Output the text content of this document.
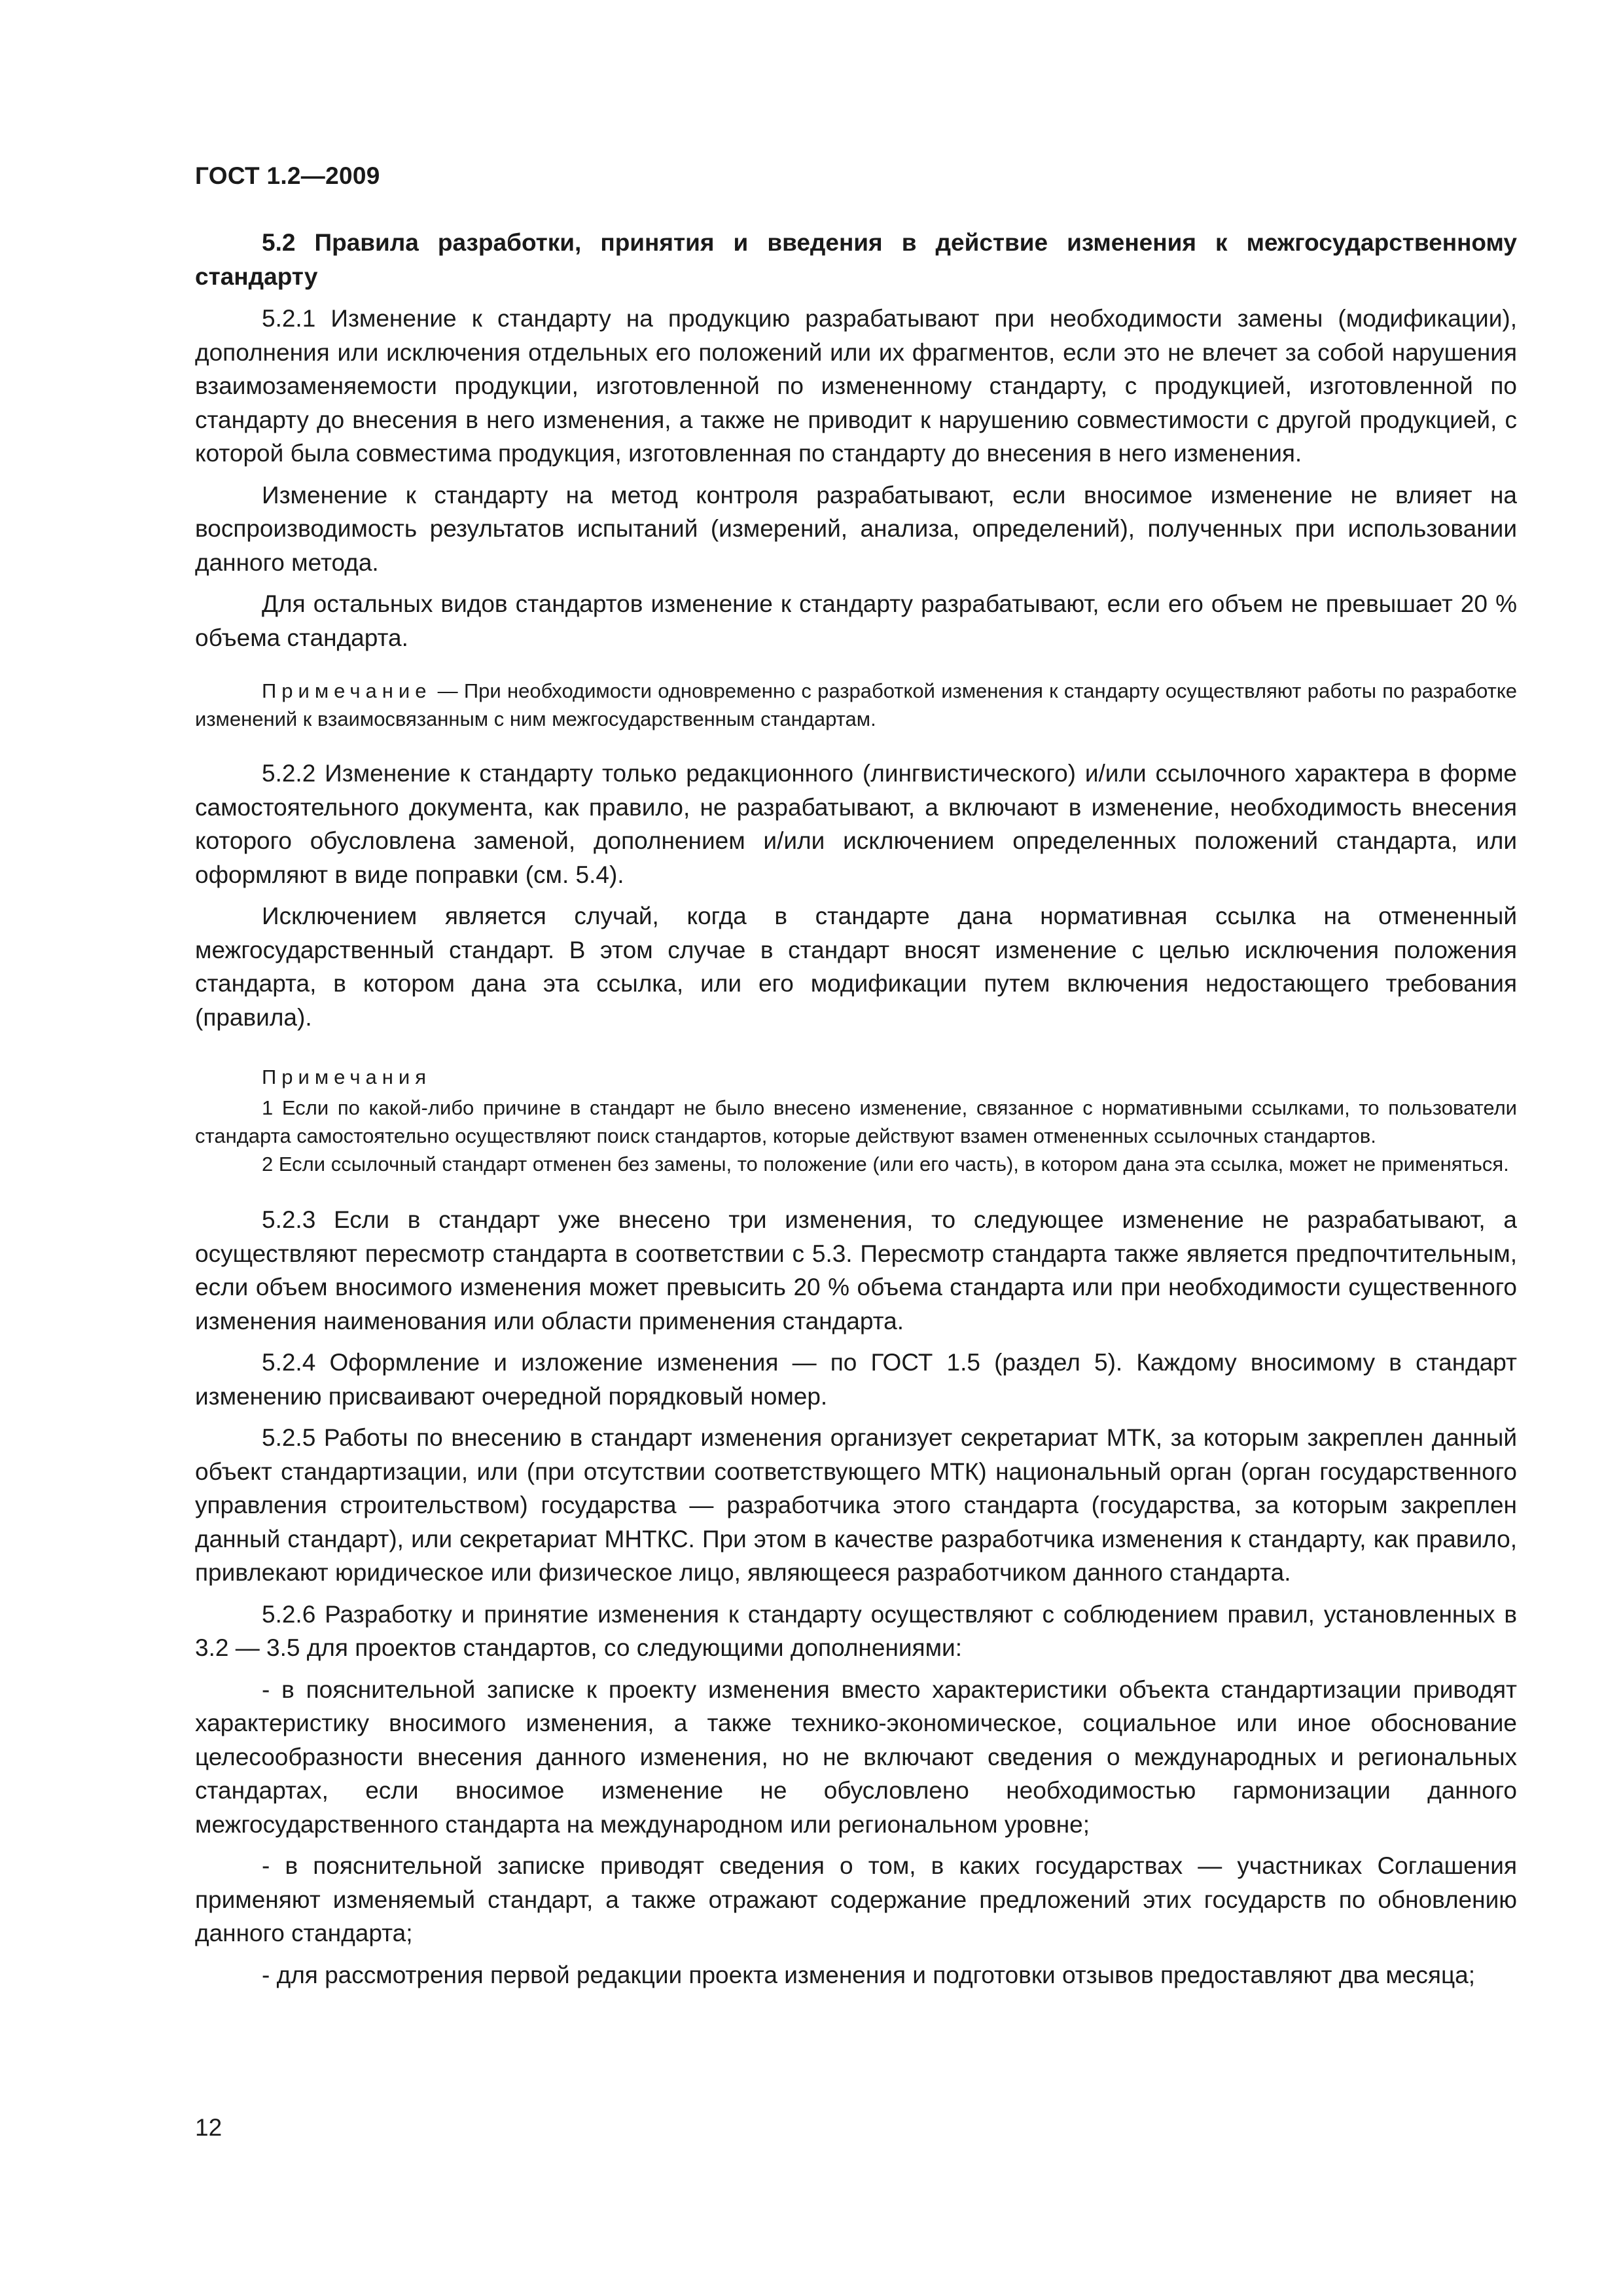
ГОСТ 1.2—2009

5.2 Правила разработки, принятия и введения в действие изменения к межгосударственному стандарту

5.2.1 Изменение к стандарту на продукцию разрабатывают при необходимости замены (модификации), дополнения или исключения отдельных его положений или их фрагментов, если это не влечет за собой нарушения взаимозаменяемости продукции, изготовленной по измененному стандарту, с продукцией, изготовленной по стандарту до внесения в него изменения, а также не приводит к нарушению совместимости с другой продукцией, с которой была совместима продукция, изготовленная по стандарту до внесения в него изменения.

Изменение к стандарту на метод контроля разрабатывают, если вносимое изменение не влияет на воспроизводимость результатов испытаний (измерений, анализа, определений), полученных при использовании данного метода.

Для остальных видов стандартов изменение к стандарту разрабатывают, если его объем не превышает 20 % объема стандарта.

Примечание — При необходимости одновременно с разработкой изменения к стандарту осуществляют работы по разработке изменений к взаимосвязанным с ним межгосударственным стандартам.

5.2.2 Изменение к стандарту только редакционного (лингвистического) и/или ссылочного характера в форме самостоятельного документа, как правило, не разрабатывают, а включают в изменение, необходимость внесения которого обусловлена заменой, дополнением и/или исключением определенных положений стандарта, или оформляют в виде поправки (см. 5.4).

Исключением является случай, когда в стандарте дана нормативная ссылка на отмененный межгосударственный стандарт. В этом случае в стандарт вносят изменение с целью исключения положения стандарта, в котором дана эта ссылка, или его модификации путем включения недостающего требования (правила).

Примечания

1 Если по какой-либо причине в стандарт не было внесено изменение, связанное с нормативными ссылками, то пользователи стандарта самостоятельно осуществляют поиск стандартов, которые действуют взамен отмененных ссылочных стандартов.

2 Если ссылочный стандарт отменен без замены, то положение (или его часть), в котором дана эта ссылка, может не применяться.

5.2.3 Если в стандарт уже внесено три изменения, то следующее изменение не разрабатывают, а осуществляют пересмотр стандарта в соответствии с 5.3. Пересмотр стандарта также является предпочтительным, если объем вносимого изменения может превысить 20 % объема стандарта или при необходимости существенного изменения наименования или области применения стандарта.

5.2.4 Оформление и изложение изменения — по ГОСТ 1.5 (раздел 5). Каждому вносимому в стандарт изменению присваивают очередной порядковый номер.

5.2.5 Работы по внесению в стандарт изменения организует секретариат МТК, за которым закреплен данный объект стандартизации, или (при отсутствии соответствующего МТК) национальный орган (орган государственного управления строительством) государства — разработчика этого стандарта (государства, за которым закреплен данный стандарт), или секретариат МНТКС. При этом в качестве разработчика изменения к стандарту, как правило, привлекают юридическое или физическое лицо, являющееся разработчиком данного стандарта.

5.2.6 Разработку и принятие изменения к стандарту осуществляют с соблюдением правил, установленных в 3.2 — 3.5 для проектов стандартов, со следующими дополнениями:

- в пояснительной записке к проекту изменения вместо характеристики объекта стандартизации приводят характеристику вносимого изменения, а также технико-экономическое, социальное или иное обоснование целесообразности внесения данного изменения, но не включают сведения о международных и региональных стандартах, если вносимое изменение не обусловлено необходимостью гармонизации данного межгосударственного стандарта на международном или региональном уровне;

- в пояснительной записке приводят сведения о том, в каких государствах — участниках Соглашения применяют изменяемый стандарт, а также отражают содержание предложений этих государств по обновлению данного стандарта;

- для рассмотрения первой редакции проекта изменения и подготовки отзывов предоставляют два месяца;

12
